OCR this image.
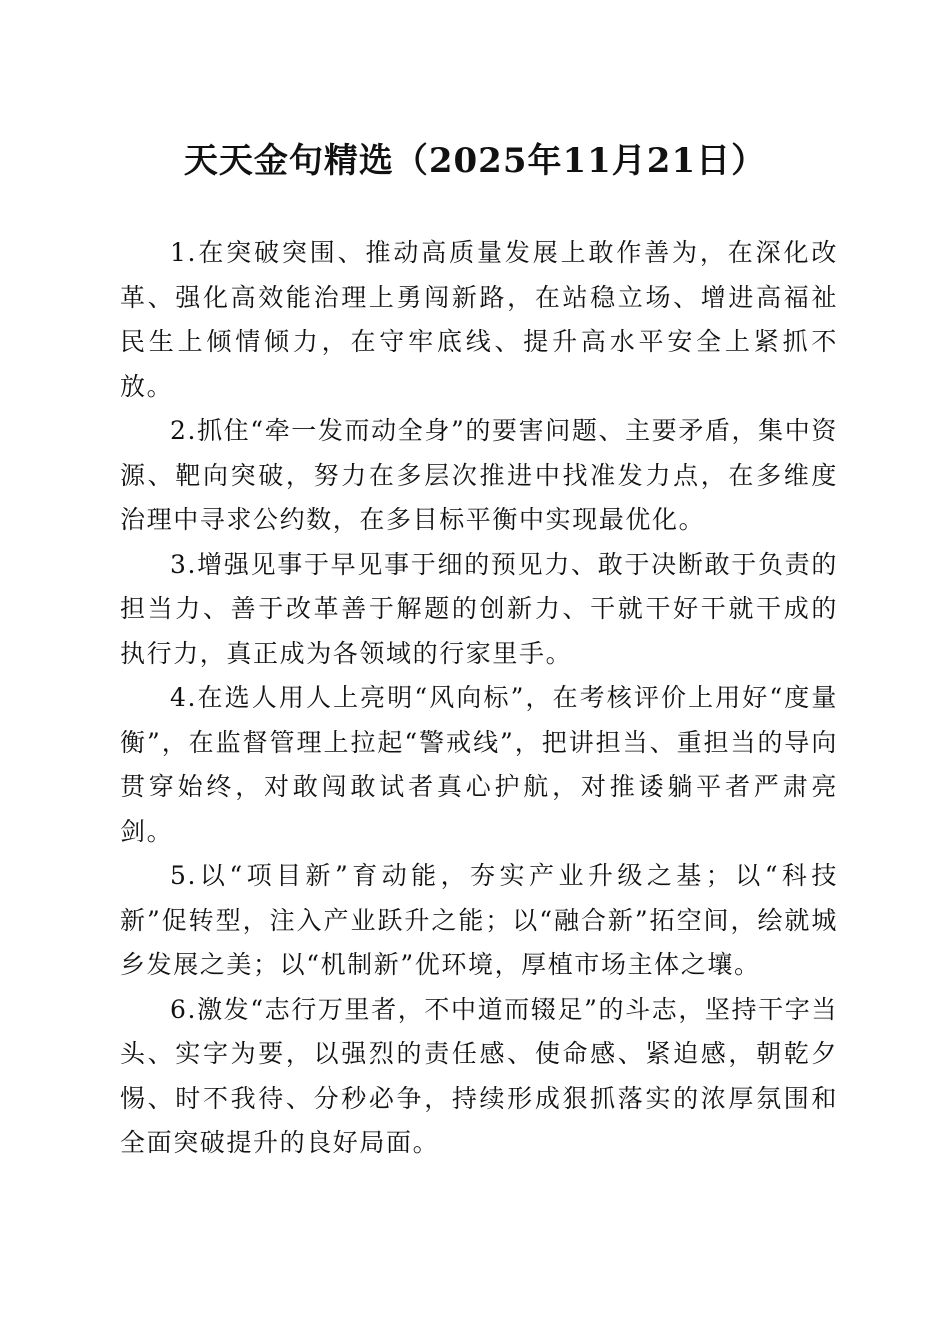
天天金句精选（2025年11月21日）

1.在突破突围、推动高质量发展上敢作善为，在深化改革、强化高效能治理上勇闯新路，在站稳立场、增进高福祉民生上倾情倾力，在守牢底线、提升高水平安全上紧抓不放。

2.抓住“牵一发而动全身”的要害问题、主要矛盾，集中资源、靶向突破，努力在多层次推进中找准发力点，在多维度治理中寻求公约数，在多目标平衡中实现最优化。

3.增强见事于早见事于细的预见力、敢于决断敢于负责的担当力、善于改革善于解题的创新力、干就干好干就干成的执行力，真正成为各领域的行家里手。

4.在选人用人上亮明“风向标”，在考核评价上用好“度量衡”，在监督管理上拉起“警戒线”，把讲担当、重担当的导向贯穿始终，对敢闯敢试者真心护航，对推诿躺平者严肃亮剑。

5.以“项目新”育动能，夯实产业升级之基；以“科技新”促转型，注入产业跃升之能；以“融合新”拓空间，绘就城乡发展之美；以“机制新”优环境，厚植市场主体之壤。

6.激发“志行万里者，不中道而辍足”的斗志，坚持干字当头、实字为要，以强烈的责任感、使命感、紧迫感，朝乾夕惕、时不我待、分秒必争，持续形成狠抓落实的浓厚氛围和全面突破提升的良好局面。
